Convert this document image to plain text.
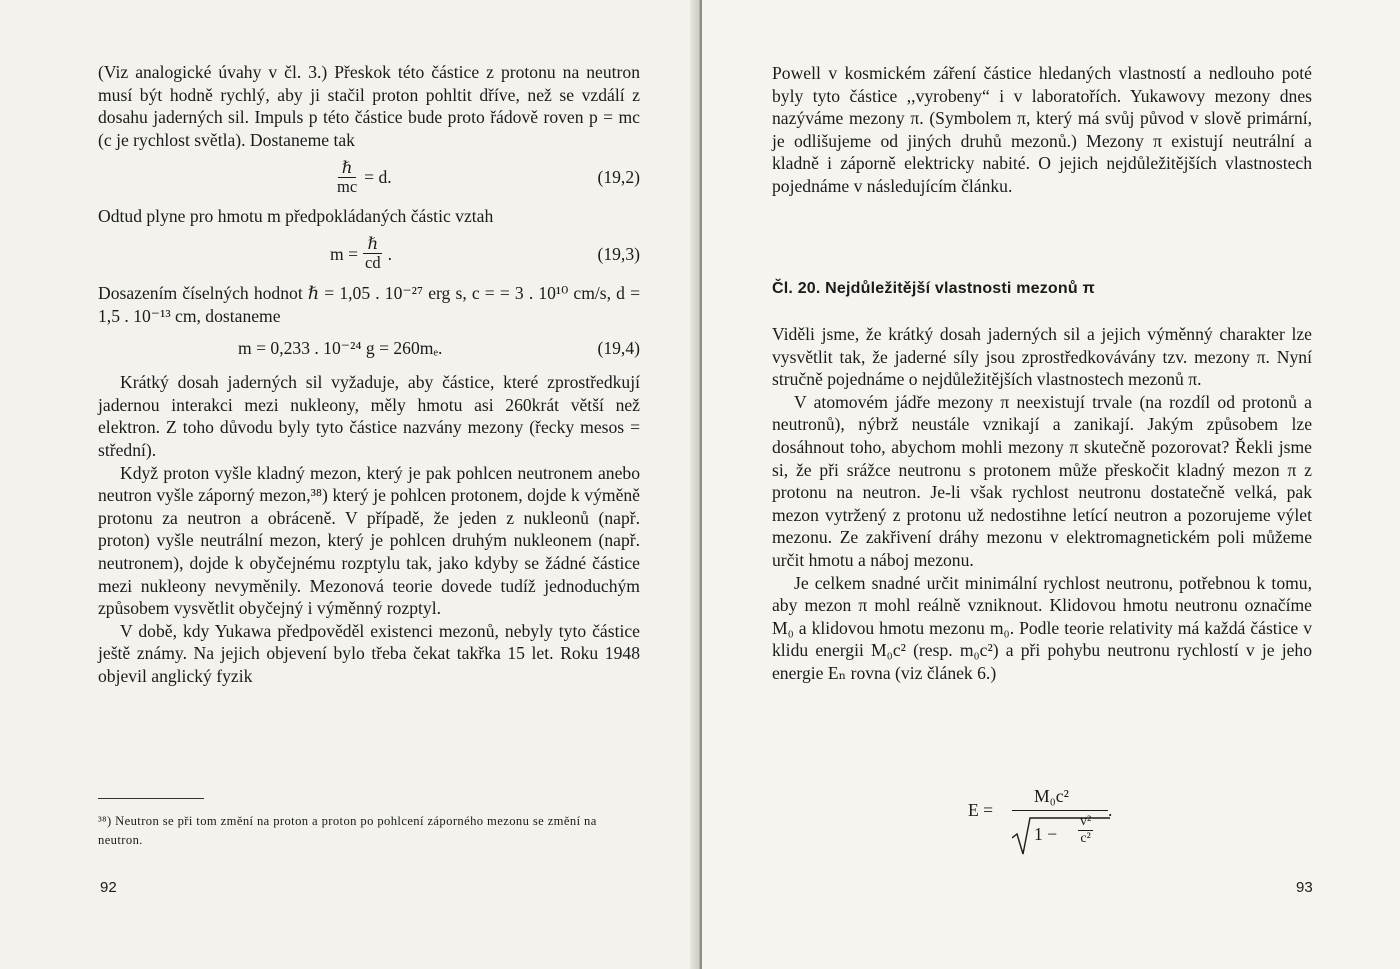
(Viz analogické úvahy v čl. 3.) Přeskok této částice z protonu na neutron musí být hodně rychlý, aby ji stačil proton pohltit dříve, než se vzdálí z dosahu jaderných sil. Impuls p této částice bude proto řádově roven p = mc (c je rychlost světla). Dostaneme tak

$\frac{\text{ℏ}}{mc} = d$.	(19,2)

Odtud plyne pro hmotu m předpokládaných částic vztah

$m = \frac{\text{ℏ}}{cd}$ .	(19,3)

Dosazením číselných hodnot ℏ = 1,05 . 10⁻²⁷ erg s, c = = 3 . 10¹⁰ cm/s, d = 1,5 . 10⁻¹³ cm, dostaneme

m = 0,233 . 10⁻²⁴ g = 260mₑ.	(19,4)

Krátký dosah jaderných sil vyžaduje, aby částice, které zprostředkují jadernou interakci mezi nukleony, měly hmotu asi 260krát větší než elektron. Z toho důvodu byly tyto částice nazvány mezony (řecky mesos = střední).

Když proton vyšle kladný mezon, který je pak pohlcen neutronem anebo neutron vyšle záporný mezon,³⁸) který je pohlcen protonem, dojde k výměně protonu za neutron a obráceně. V případě, že jeden z nukleonů (např. proton) vyšle neutrální mezon, který je pohlcen druhým nukleonem (např. neutronem), dojde k obyčejnému rozptylu tak, jako kdyby se žádné částice mezi nukleony nevyměnily. Mezonová teorie dovede tudíž jednoduchým způsobem vysvětlit obyčejný i výměnný rozptyl.

V době, kdy Yukawa předpověděl existenci mezonů, nebyly tyto částice ještě známy. Na jejich objevení bylo třeba čekat takřka 15 let. Roku 1948 objevil anglický fyzik

³⁸) Neutron se při tom změní na proton a proton po pohlcení záporného mezonu se změní na neutron.
92

Powell v kosmickém záření částice hledaných vlastností a nedlouho poté byly tyto částice ,,vyrobeny“ i v laboratořích. Yukawovy mezony dnes nazýváme mezony π. (Symbolem π, který má svůj původ v slově primární, je odlišujeme od jiných druhů mezonů.) Mezony π existují neutrální a kladně i záporně elektricky nabité. O jejich nejdůležitějších vlastnostech pojednáme v následujícím článku.

Čl. 20. Nejdůležitější vlastnosti mezonů π

Viděli jsme, že krátký dosah jaderných sil a jejich výměnný charakter lze vysvětlit tak, že jaderné síly jsou zprostředkovávány tzv. mezony π. Nyní stručně pojednáme o nejdůležitějších vlastnostech mezonů π.

V atomovém jádře mezony π neexistují trvale (na rozdíl od protonů a neutronů), nýbrž neustále vznikají a zanikají. Jakým způsobem lze dosáhnout toho, abychom mohli mezony π skutečně pozorovat? Řekli jsme si, že při srážce neutronu s protonem může přeskočit kladný mezon π z protonu na neutron. Je-li však rychlost neutronu dostatečně velká, pak mezon vytržený z protonu už nedostihne letící neutron a pozorujeme výlet mezonu. Ze zakřivení dráhy mezonu v elektromagnetickém poli můžeme určit hmotu a náboj mezonu.

Je celkem snadné určit minimální rychlost neutronu, potřebnou k tomu, aby mezon π mohl reálně vzniknout. Klidovou hmotu neutronu označíme M₀ a klidovou hmotu mezonu m₀. Podle teorie relativity má každá částice v klidu energii M₀c² (resp. m₀c²) a při pohybu neutronu rychlostí v je jeho energie Eₙ rovna (viz článek 6.)

E =
M₀c²
$1 - \frac{\text{v²}}{\text{c²}}$
.
93
